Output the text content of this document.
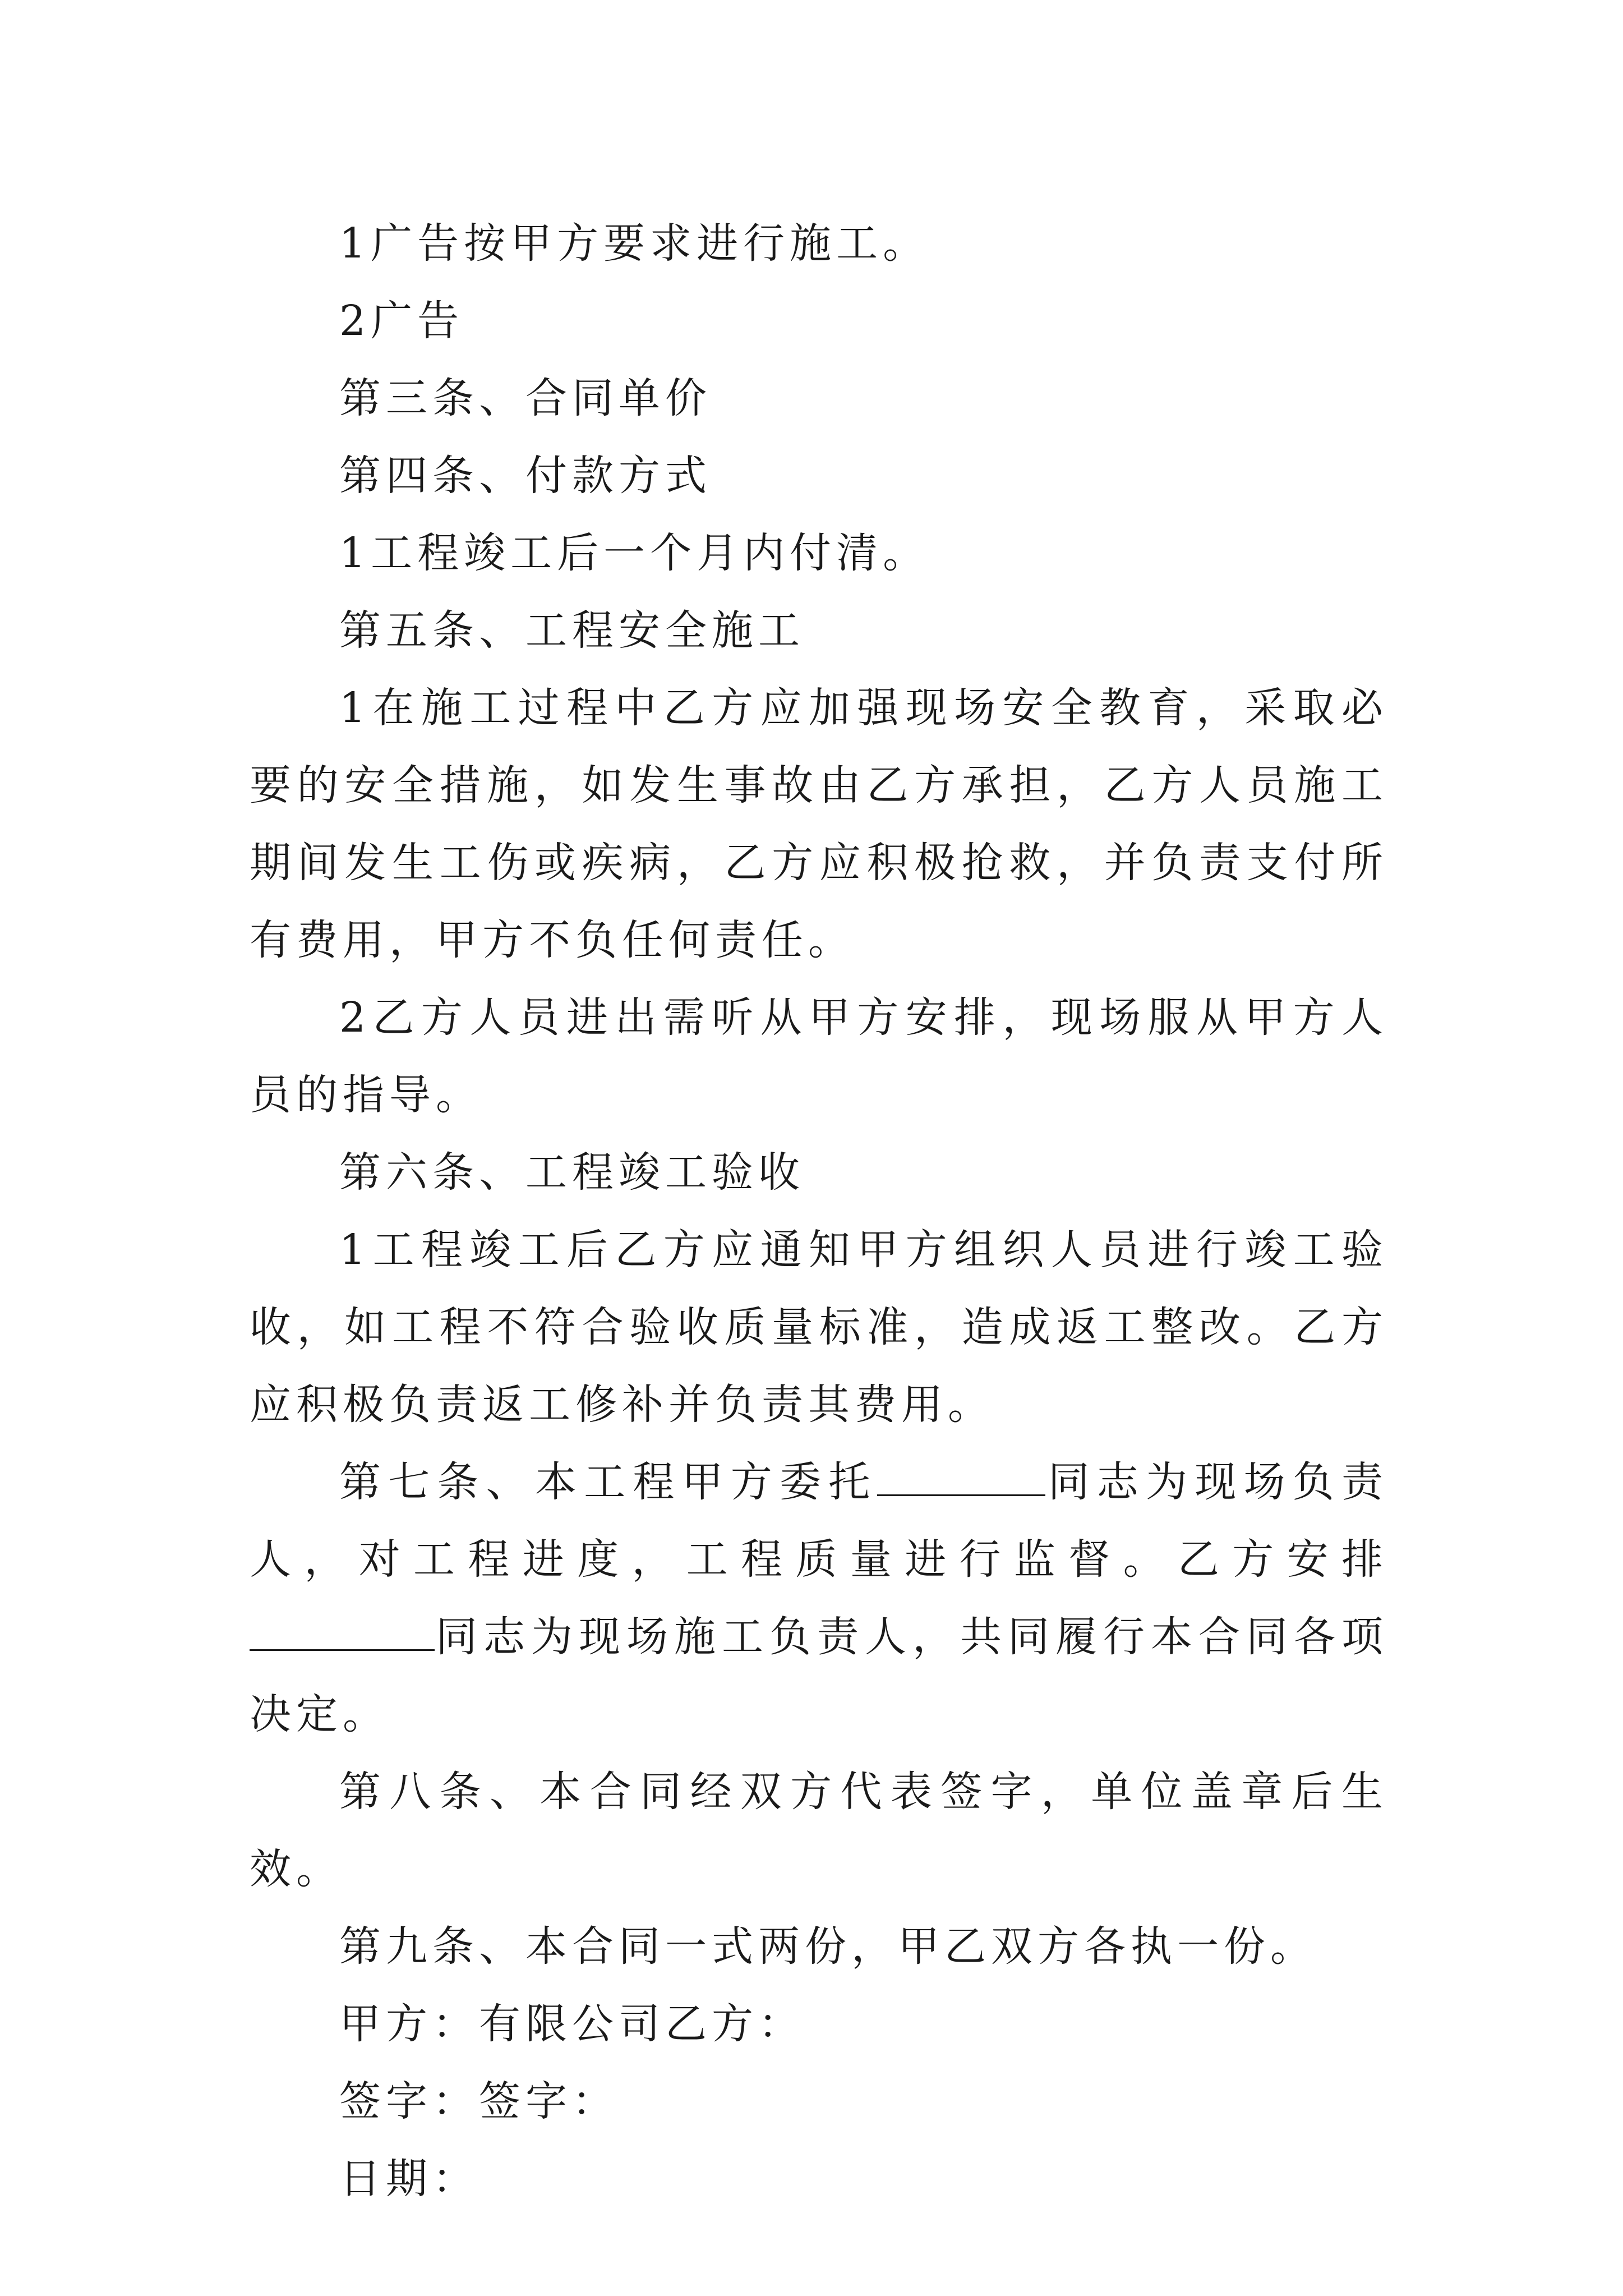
1广告按甲方要求进行施工。

2广告

第三条、合同单价

第四条、付款方式

1工程竣工后一个月内付清。

第五条、工程安全施工

1在施工过程中乙方应加强现场安全教育，采取必要的安全措施，如发生事故由乙方承担，乙方人员施工期间发生工伤或疾病，乙方应积极抢救，并负责支付所有费用，甲方不负任何责任。

2乙方人员进出需听从甲方安排，现场服从甲方人员的指导。

第六条、工程竣工验收

1工程竣工后乙方应通知甲方组织人员进行竣工验收，如工程不符合验收质量标准，造成返工整改。乙方应积极负责返工修补并负责其费用。

第七条、本工程甲方委托	同志为现场负责人，对工程进度，工程质量进行监督。乙方安排同志为现场施工负责人，共同履行本合同各项决定。

第八条、本合同经双方代表签字，单位盖章后生效。

第九条、本合同一式两份，甲乙双方各执一份。

甲方：有限公司乙方：

签字：签字：

日期：
